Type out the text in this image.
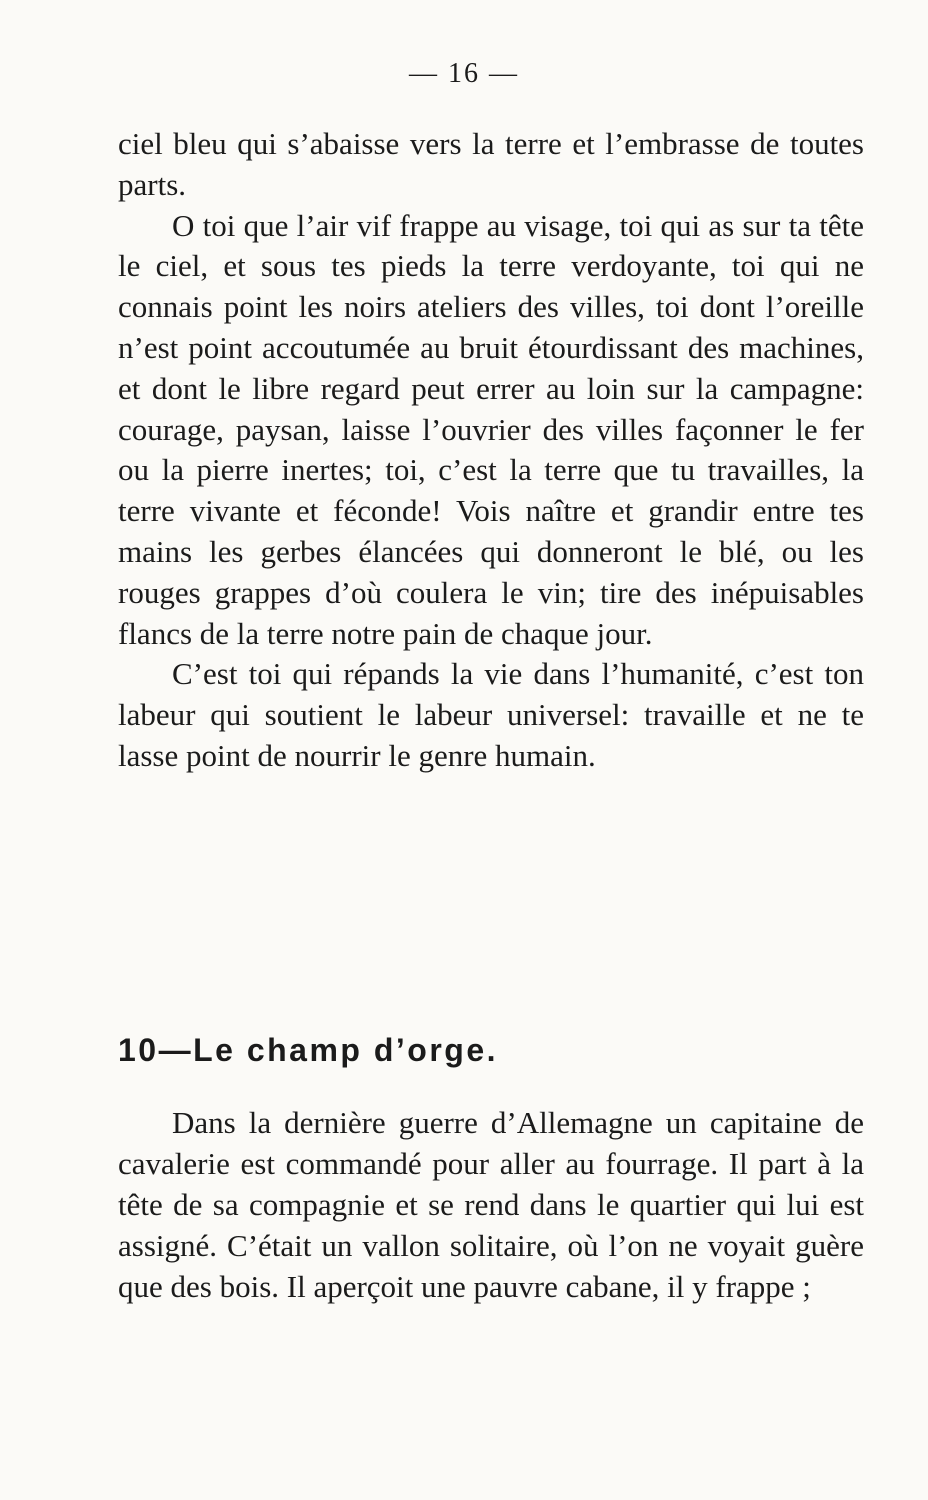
— 16 —

ciel bleu qui s’abaisse vers la terre et l’embrasse de toutes parts.

O toi que l’air vif frappe au visage, toi qui as sur ta tête le ciel, et sous tes pieds la terre verdoyante, toi qui ne connais point les noirs ateliers des villes, toi dont l’oreille n’est point accoutumée au bruit étourdissant des machines, et dont le libre regard peut errer au loin sur la campagne: courage, paysan, laisse l’ouvrier des villes façonner le fer ou la pierre inertes; toi, c’est la terre que tu travailles, la terre vivante et féconde! Vois naître et grandir entre tes mains les gerbes élancées qui donneront le blé, ou les rouges grappes d’où coulera le vin; tire des inépuisables flancs de la terre notre pain de chaque jour.

C’est toi qui répands la vie dans l’humanité, c’est ton labeur qui soutient le labeur universel: travaille et ne te lasse point de nourrir le genre humain.

10—Le champ d’orge.

Dans la dernière guerre d’Allemagne un capitaine de cavalerie est commandé pour aller au fourrage. Il part à la tête de sa compagnie et se rend dans le quartier qui lui est assigné. C’était un vallon solitaire, où l’on ne voyait guère que des bois. Il aperçoit une pauvre cabane, il y frappe ;
